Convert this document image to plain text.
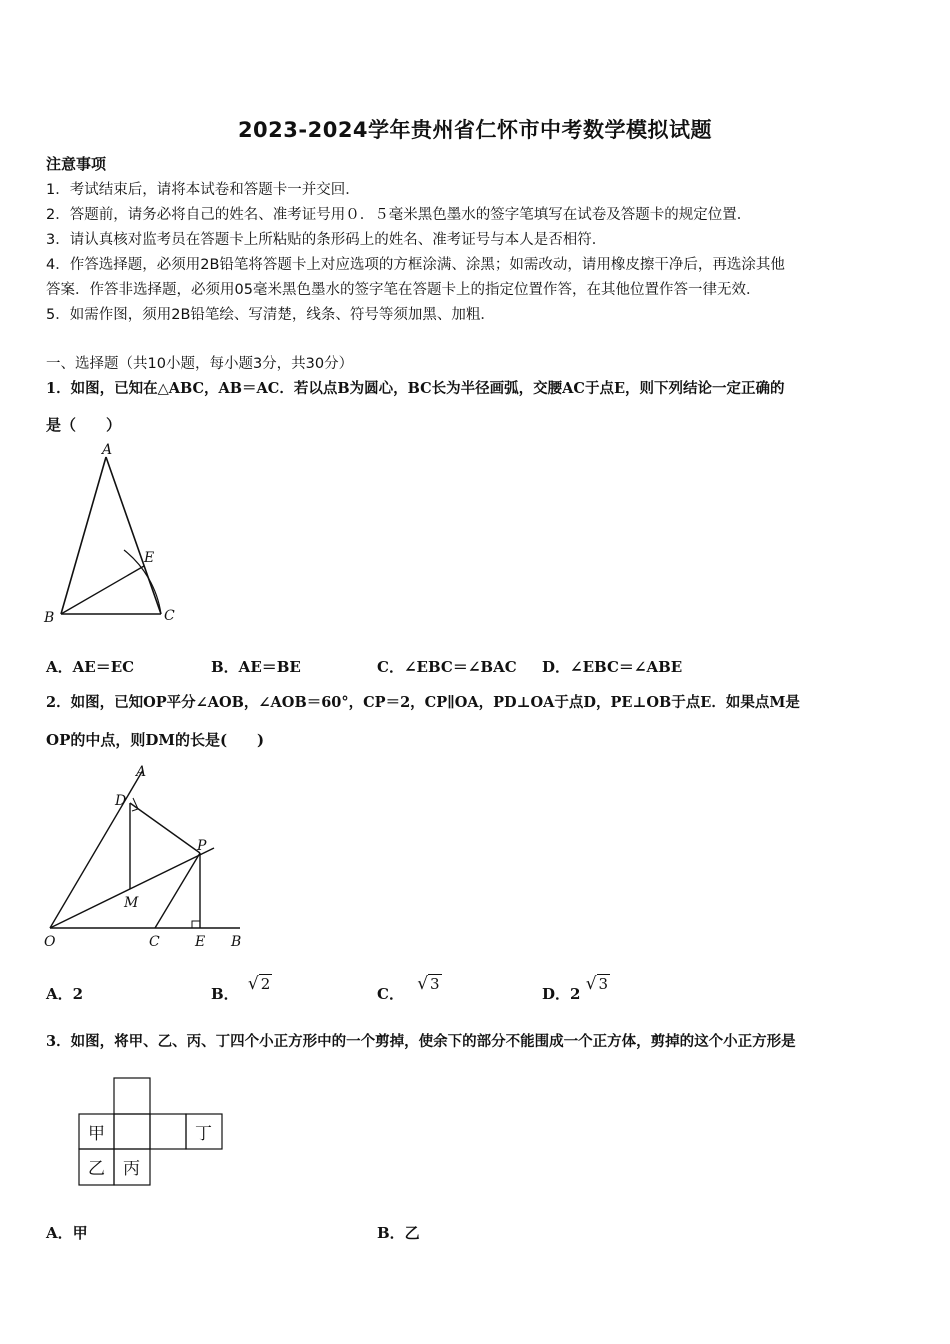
2023-2024学年贵州省仁怀市中考数学模拟试题
注意事项
1．考试结束后，请将本试卷和答题卡一并交回．
2．答题前，请务必将自己的姓名、准考证号用０．５毫米黑色墨水的签字笔填写在试卷及答题卡的规定位置．
3．请认真核对监考员在答题卡上所粘贴的条形码上的姓名、准考证号与本人是否相符．
4．作答选择题，必须用2B铅笔将答题卡上对应选项的方框涂满、涂黑；如需改动，请用橡皮擦干净后，再选涂其他
答案．作答非选择题，必须用05毫米黑色墨水的签字笔在答题卡上的指定位置作答，在其他位置作答一律无效．
5．如需作图，须用2B铅笔绘、写清楚，线条、符号等须加黑、加粗．
一、选择题（共10小题，每小题3分，共30分）
1．如图，已知在△ABC，AB＝AC．若以点B为圆心，BC长为半径画弧，交腰AC于点E，则下列结论一定正确的
是（　　）
A
E
B	C
A．AE＝EC	B．AE＝BE	C．∠EBC＝∠BAC D．∠EBC＝∠ABE
2．如图，已知OP平分∠AOB，∠AOB＝60°，CP＝2，CP∥OA，PD⊥OA于点D，PE⊥OB于点E．如果点M是
OP的中点，则DM的长是(　　)
A
D
P
M
O	C	E B
A．2	B． √ 2
C． √ 3
D．2 √ 3
3．如图，将甲、乙、丙、丁四个小正方形中的一个剪掉，使余下的部分不能围成一个正方体，剪掉的这个小正方形是
甲	丁
乙 丙
A．甲	B．乙
